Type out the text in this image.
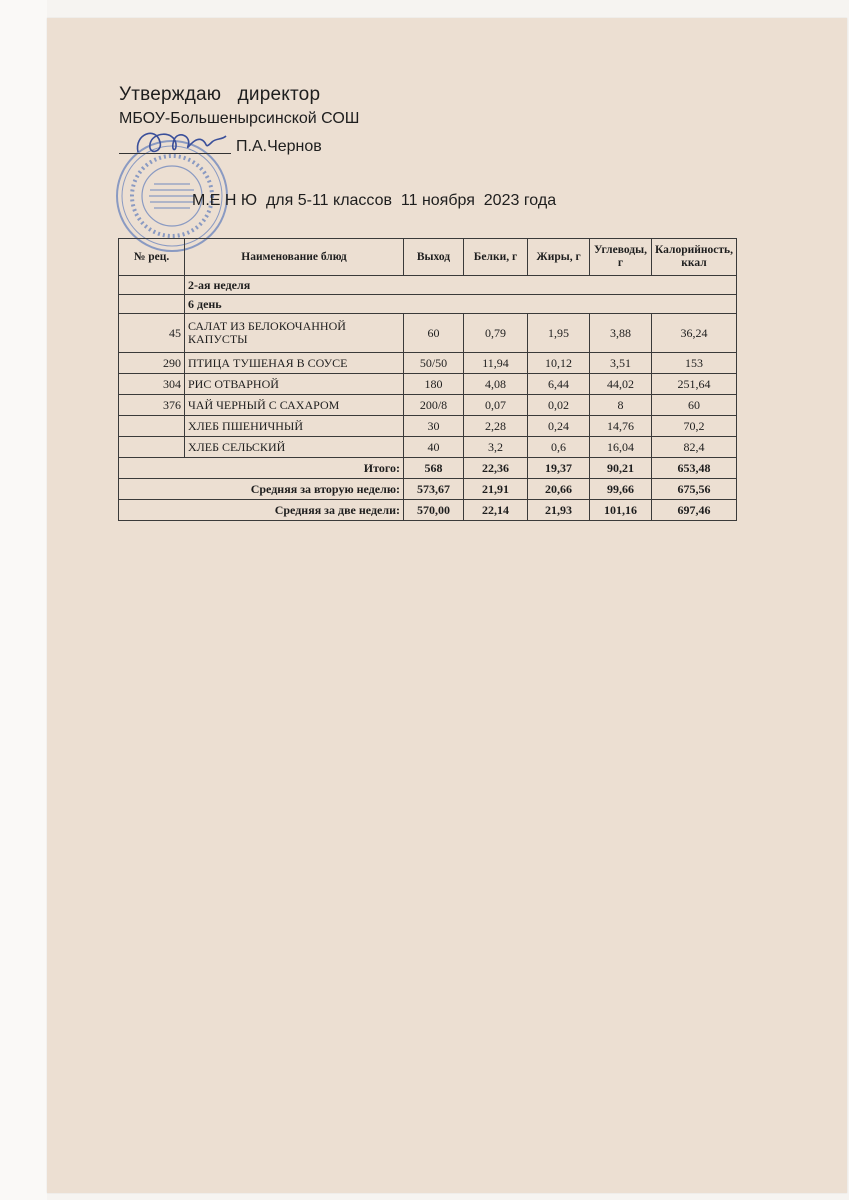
Утверждаю   директор
МБОУ-Большенырсинской СОШ
П.А.Чернов
М.Е Н Ю  для 5-11 классов  11 ноября  2023 года
№ рец.	Наименование блюд	Выход	Белки, г	Жиры, г	Углеводы, г	Калорийность, ккал
	2-ая неделя					
	6 день					
45	САЛАТ ИЗ БЕЛОКОЧАННОЙ КАПУСТЫ	60	0,79	1,95	3,88	36,24
290	ПТИЦА ТУШЕНАЯ В СОУСЕ	50/50	11,94	10,12	3,51	153
304	РИС ОТВАРНОЙ	180	4,08	6,44	44,02	251,64
376	ЧАЙ ЧЕРНЫЙ С САХАРОМ	200/8	0,07	0,02	8	60
	ХЛЕБ ПШЕНИЧНЫЙ	30	2,28	0,24	14,76	70,2
	ХЛЕБ СЕЛЬСКИЙ	40	3,2	0,6	16,04	82,4
Итого:		568	22,36	19,37	90,21	653,48
Средняя за вторую неделю:		573,67	21,91	20,66	99,66	675,56
Средняя за две недели:		570,00	22,14	21,93	101,16	697,46
